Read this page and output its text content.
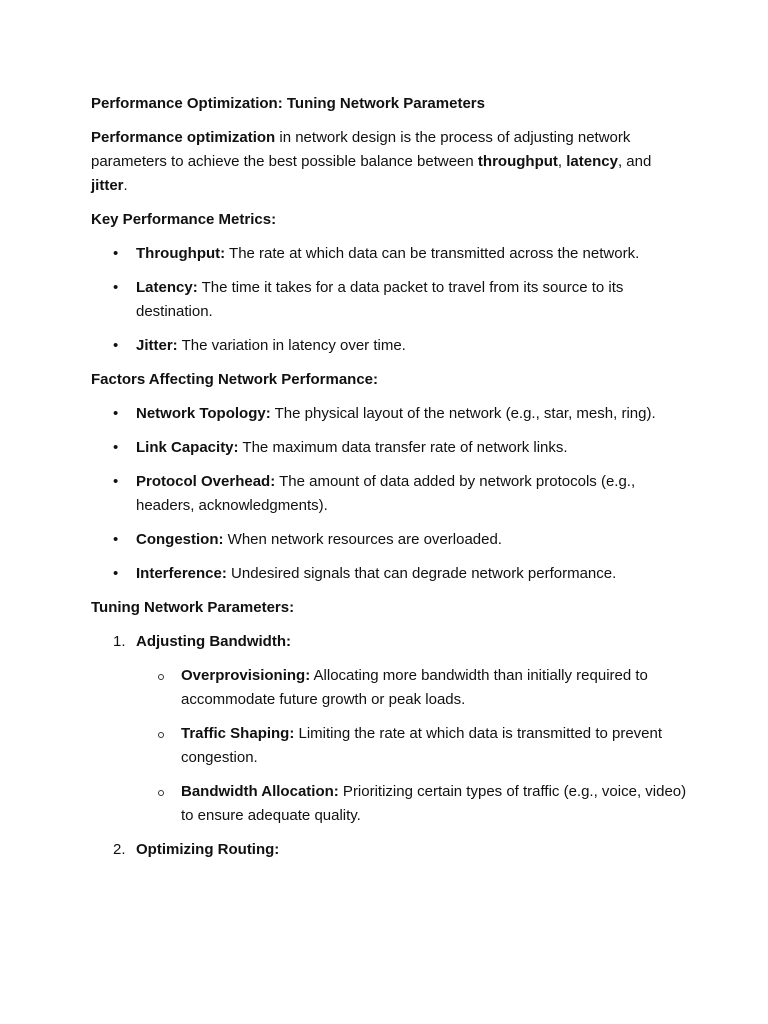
Performance Optimization: Tuning Network Parameters
Performance optimization in network design is the process of adjusting network parameters to achieve the best possible balance between throughput, latency, and jitter.
Key Performance Metrics:
• Throughput: The rate at which data can be transmitted across the network.
• Latency: The time it takes for a data packet to travel from its source to its destination.
• Jitter: The variation in latency over time.
Factors Affecting Network Performance:
• Network Topology: The physical layout of the network (e.g., star, mesh, ring).
• Link Capacity: The maximum data transfer rate of network links.
• Protocol Overhead: The amount of data added by network protocols (e.g., headers, acknowledgments).
• Congestion: When network resources are overloaded.
• Interference: Undesired signals that can degrade network performance.
Tuning Network Parameters:
1. Adjusting Bandwidth:
Overprovisioning: Allocating more bandwidth than initially required to accommodate future growth or peak loads.
Traffic Shaping: Limiting the rate at which data is transmitted to prevent congestion.
Bandwidth Allocation: Prioritizing certain types of traffic (e.g., voice, video) to ensure adequate quality.
2. Optimizing Routing:
